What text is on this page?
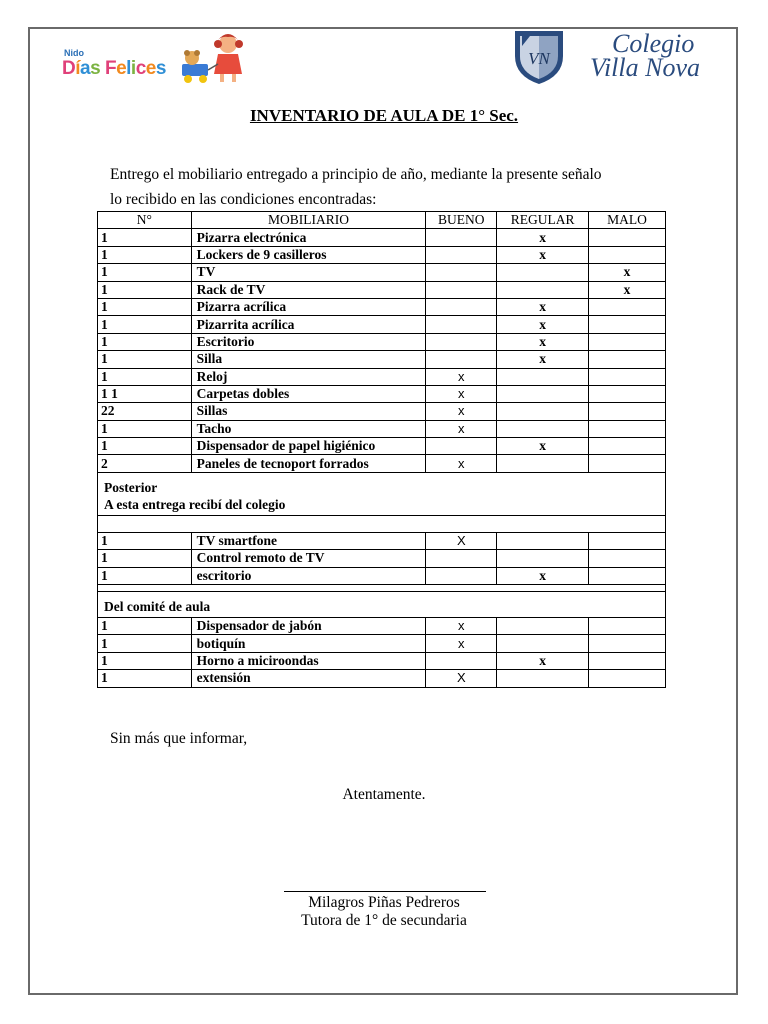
Nido
Días Felices	VN
Colegio
Villa Nova
INVENTARIO DE AULA DE 1° Sec.
Entrego el mobiliario entregado a principio de año, mediante la presente señalo
lo recibido en las condiciones encontradas:
N°	MOBILIARIO	BUENO	REGULAR	MALO
1	Pizarra electrónica		x	
1	Lockers de 9 casilleros		x	
1	TV			x
1	Rack de TV			x
1	Pizarra acrílica		x	
1	Pizarrita acrílica		x	
1	Escritorio		x	
1	Silla		x	
1	Reloj	x		
1 1	Carpetas dobles	x		
22	Sillas	x		
1	Tacho	x		
1	Dispensador de papel higiénico		x	
2	Paneles de tecnoport forrados	x		

Posterior
A esta entrega recibí del colegio				

1	TV smartfone	X		
1	Control remoto de TV			
1	escritorio		x	

Del comité de aula				

1	Dispensador de jabón	x		
1	botiquín	x		
1	Horno a miciroondas		x	
1	extensión	X		
Sin más que informar,
Atentamente.
Milagros Piñas Pedreros
Tutora de 1° de secundaria
